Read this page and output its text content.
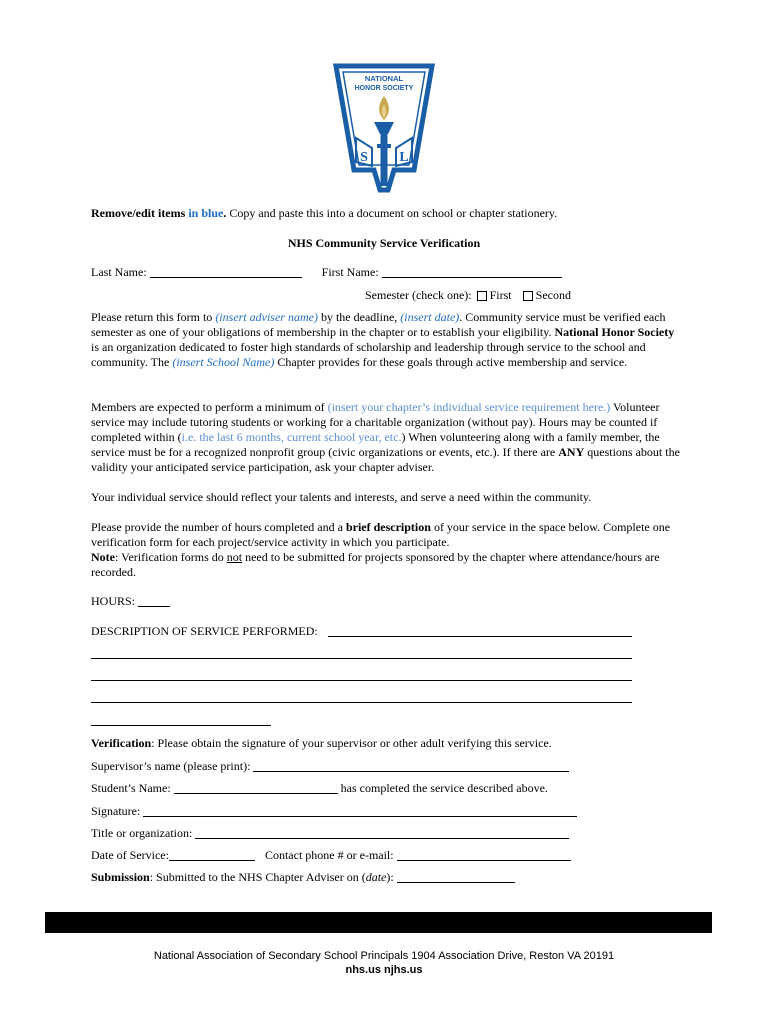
NATIONAL
HONOR SOCIETY
S L
Remove/edit items in blue. Copy and paste this into a document on school or chapter stationery.
NHS Community Service Verification
Last Name:	First Name:
Semester (check one): First Second
Please return this form to (insert adviser name) by the deadline, (insert date). Community service must be verified each semester as one of your obligations of membership in the chapter or to establish your eligibility. National Honor Society is an organization dedicated to foster high standards of scholarship and leadership through service to the school and community. The (insert School Name) Chapter provides for these goals through active membership and service.
Members are expected to perform a minimum of (insert your chapter’s individual service requirement here.) Volunteer service may include tutoring students or working for a charitable organization (without pay). Hours may be counted if completed within (i.e. the last 6 months, current school year, etc.) When volunteering along with a family member, the service must be for a recognized nonprofit group (civic organizations or events, etc.). If there are ANY questions about the validity your anticipated service participation, ask your chapter adviser.
Your individual service should reflect your talents and interests, and serve a need within the community.
Please provide the number of hours completed and a brief description of your service in the space below. Complete one verification form for each project/service activity in which you participate.
Note: Verification forms do not need to be submitted for projects sponsored by the chapter where attendance/hours are recorded.
HOURS:
DESCRIPTION OF SERVICE PERFORMED:
Verification: Please obtain the signature of your supervisor or other adult verifying this service.
Supervisor’s name (please print):
Student’s Name:	has completed the service described above.
Signature:
Title or organization:
Date of Service:	Contact phone # or e-mail:
Submission: Submitted to the NHS Chapter Adviser on (date):
National Association of Secondary School Principals 1904 Association Drive, Reston VA 20191
nhs.us njhs.us
